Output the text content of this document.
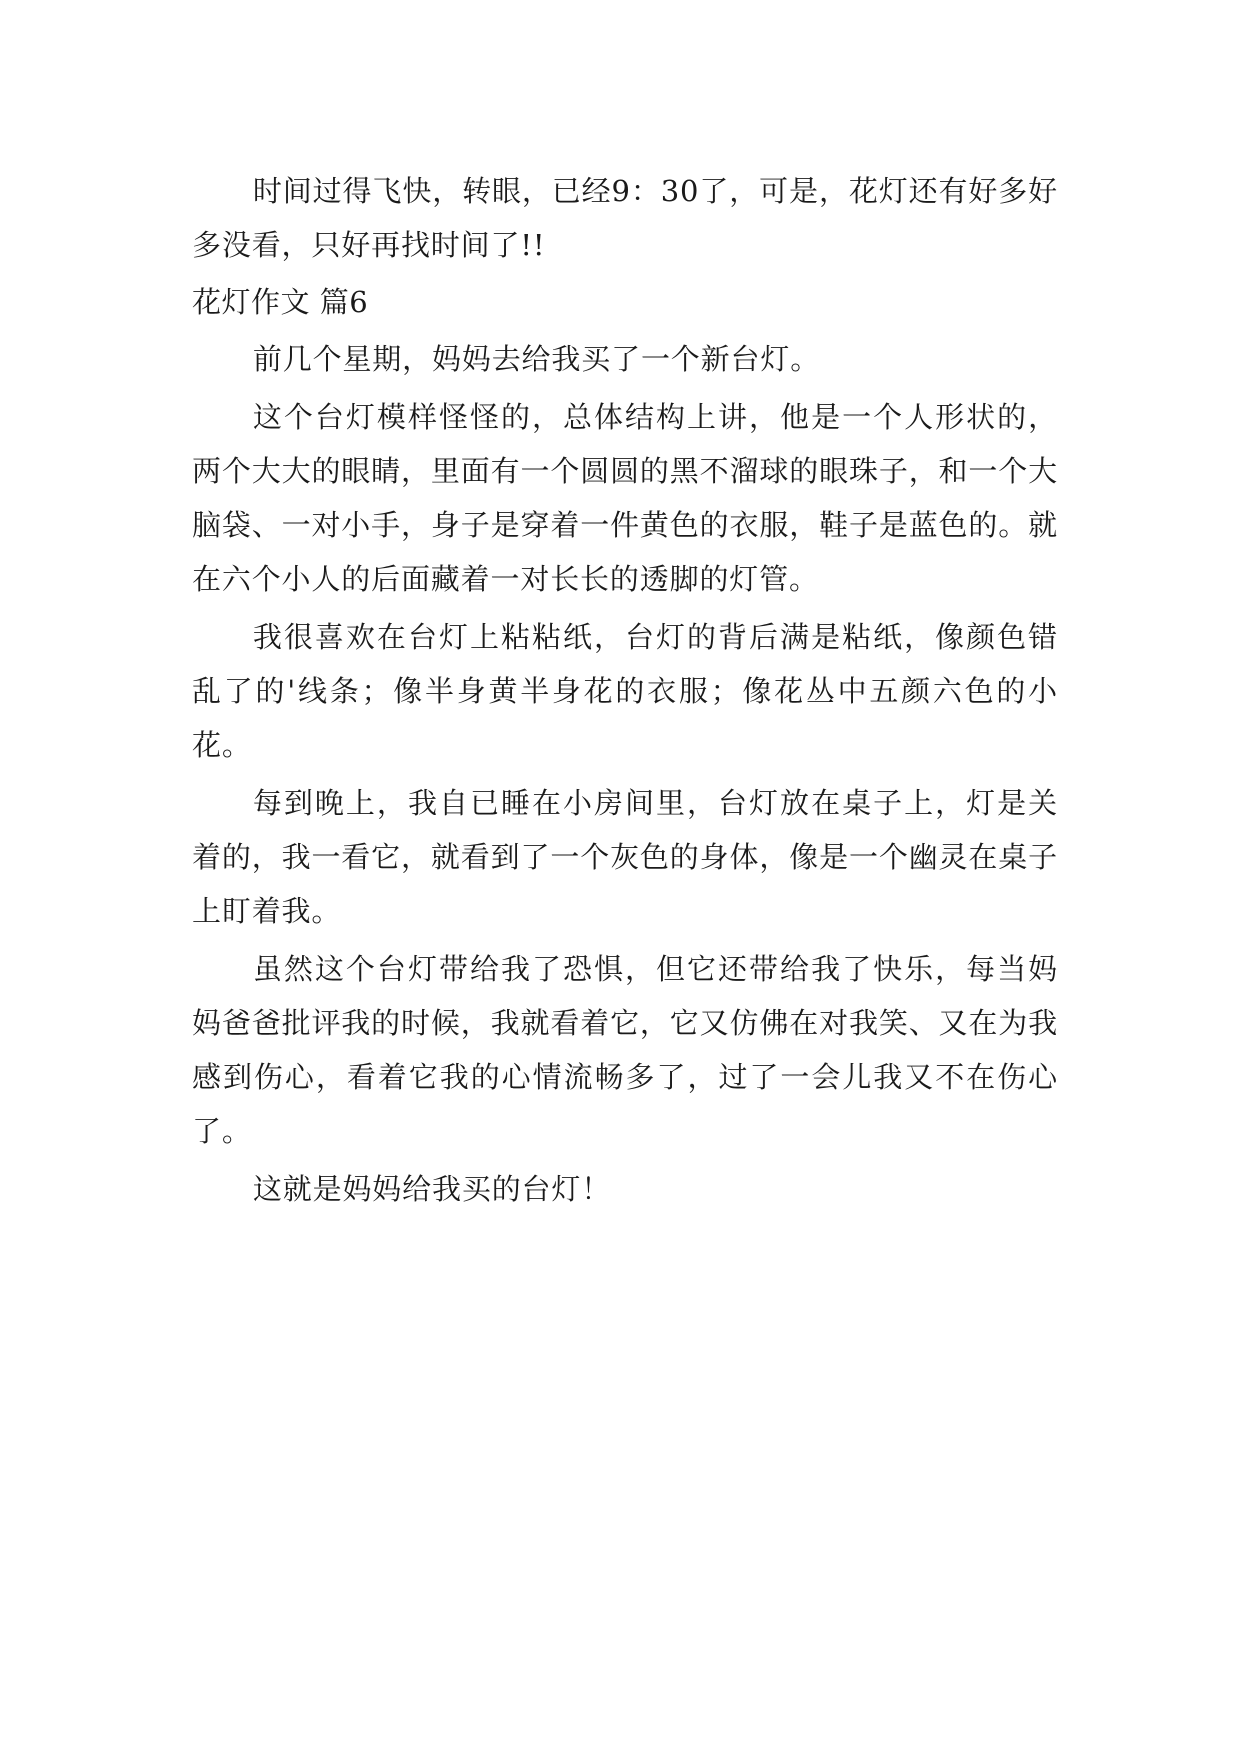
时间过得飞快，转眼，已经9：30了，可是，花灯还有好多好多没看，只好再找时间了!!

花灯作文 篇6

前几个星期，妈妈去给我买了一个新台灯。

这个台灯模样怪怪的，总体结构上讲，他是一个人形状的，两个大大的眼睛，里面有一个圆圆的黑不溜球的眼珠子，和一个大脑袋、一对小手，身子是穿着一件黄色的衣服，鞋子是蓝色的。就在六个小人的后面藏着一对长长的透脚的灯管。

我很喜欢在台灯上粘粘纸，台灯的背后满是粘纸，像颜色错乱了的'线条；像半身黄半身花的衣服；像花丛中五颜六色的小花。

每到晚上，我自已睡在小房间里，台灯放在桌子上，灯是关着的，我一看它，就看到了一个灰色的身体，像是一个幽灵在桌子上盯着我。

虽然这个台灯带给我了恐惧，但它还带给我了快乐，每当妈妈爸爸批评我的时候，我就看着它，它又仿佛在对我笑、又在为我感到伤心，看着它我的心情流畅多了，过了一会儿我又不在伤心了。

这就是妈妈给我买的台灯！
